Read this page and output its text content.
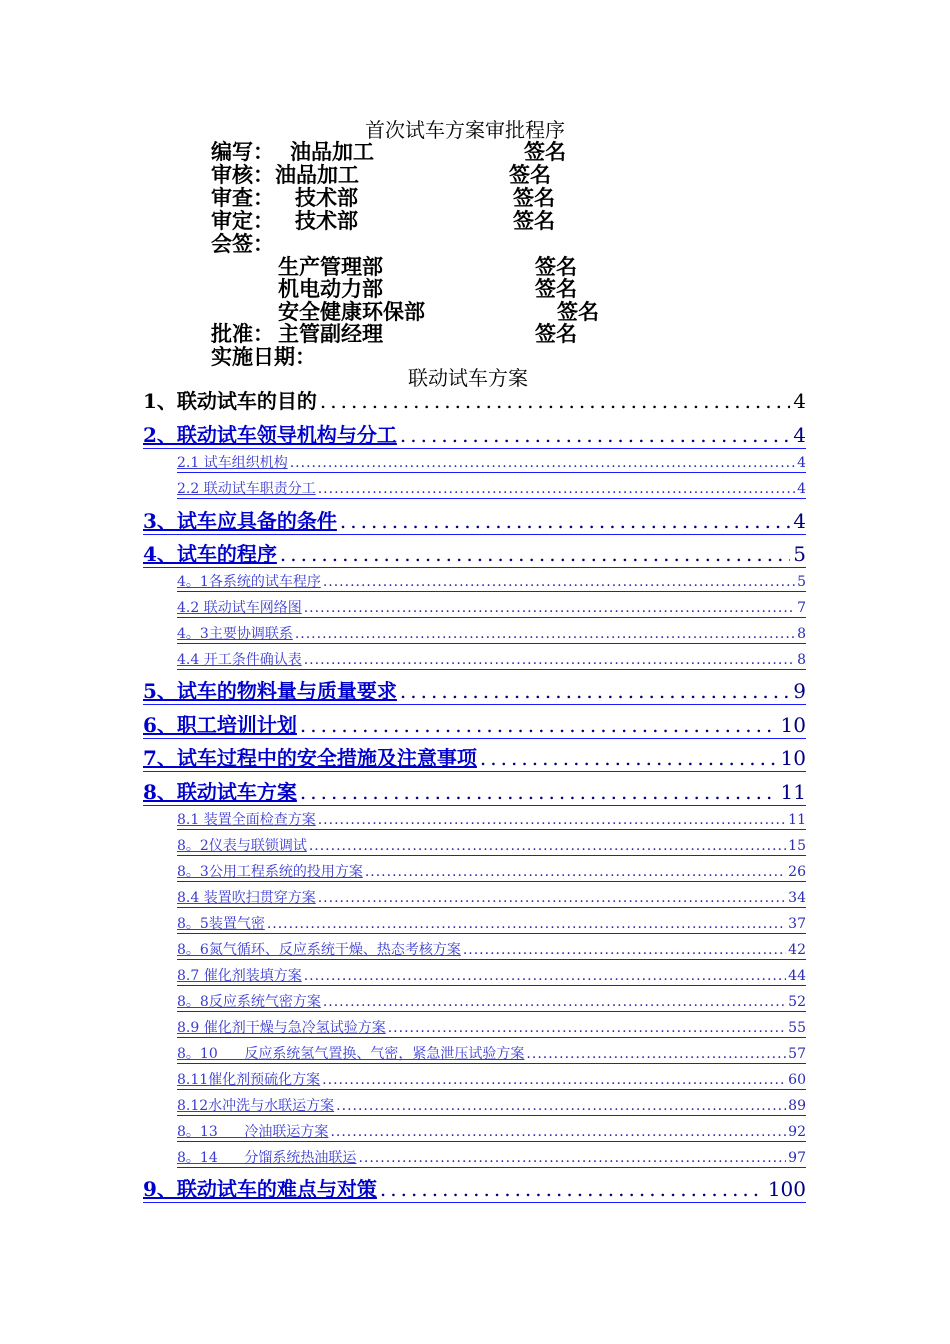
首次试车方案审批程序
编写： 油品加工	签名
审核： 油品加工	签名
审查： 技术部	签名
审定： 技术部	签名
会签：
生产管理部	签名
机电动力部	签名
安全健康环保部	签名
批准： 主管副经理	签名
实施日期：
联动试车方案
1、联动试车的目的 .....	4
2、联动试车领导机构与分工 .....	4
2.1 试车组织机构 .....	4
2.2 联动试车职责分工 .....	4
3、试车应具备的条件 .....	4
4、试车的程序 .....	5
4。1各系统的试车程序 .....	5
4.2 联动试车网络图 .....	7
4。3主要协调联系 .....	8
4.4 开工条件确认表 .....	8
5、试车的物料量与质量要求 .....	9
6、职工培训计划 .....	10
7、试车过程中的安全措施及注意事项 .....	10
8、联动试车方案 .....	11
8.1 装置全面检查方案 .....	11
8。2仪表与联锁调试 .....	15
8。3公用工程系统的投用方案 .....	26
8.4 装置吹扫贯穿方案 .....	34
8。5装置气密 .....	37
8。6氮气循环、反应系统干燥、热态考核方案 .....	42
8.7 催化剂装填方案 .....	44
8。8反应系统气密方案 .....	52
8.9 催化剂干燥与急冷氢试验方案 .....	55
8。10      反应系统氢气置换、气密，紧急泄压试验方案 .....	57
8.11催化剂预硫化方案 .....	60
8.12水冲洗与水联运方案 .....	89
8。13      冷油联运方案 .....	92
8。14      分馏系统热油联运 .....	97
9、联动试车的难点与对策 .....	100
